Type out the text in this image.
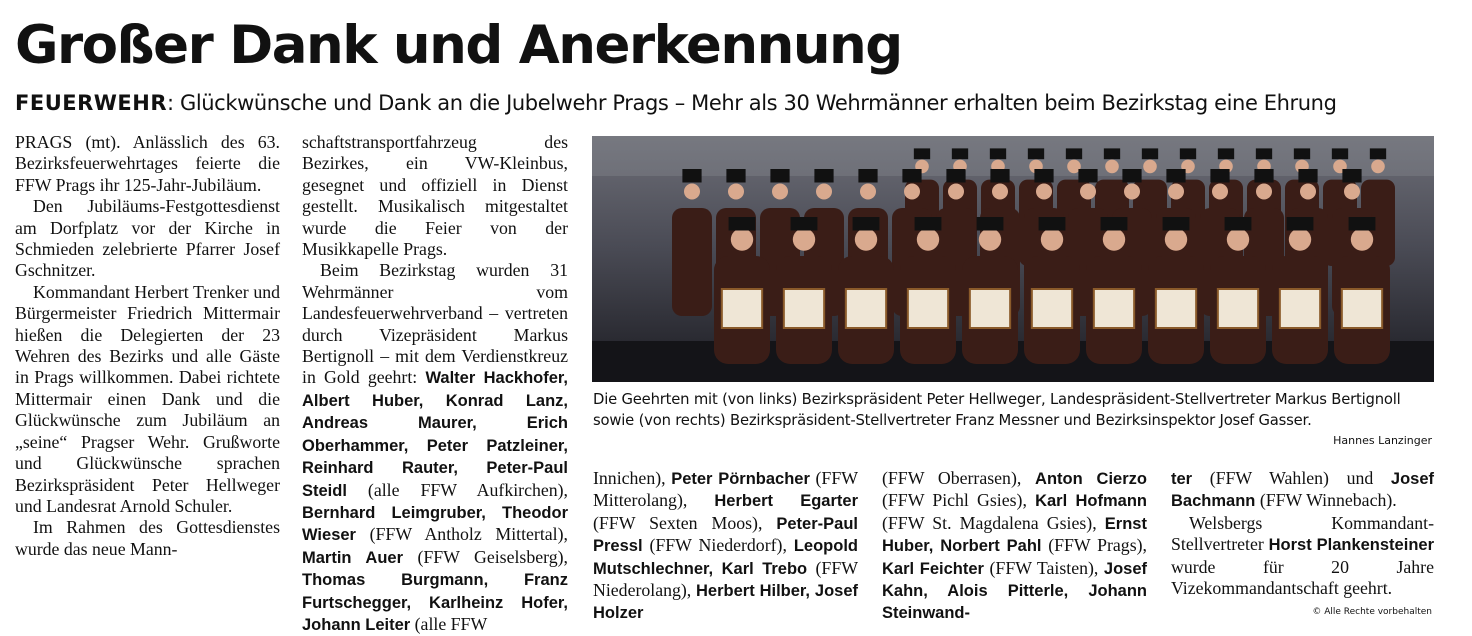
Großer Dank und Anerkennung
FEUERWEHR: Glückwünsche und Dank an die Jubelwehr Prags – Mehr als 30 Wehrmänner erhalten beim Bezirkstag eine Ehrung

PRAGS (mt). Anlässlich des 63. Bezirksfeuerwehrtages feierte die FFW Prags ihr 125-Jahr-Jubiläum.

Den Jubiläums-Festgottesdienst am Dorfplatz vor der Kirche in Schmieden zelebrierte Pfarrer Josef Gschnitzer.

Kommandant Herbert Trenker und Bürgermeister Friedrich Mittermair hießen die Delegierten der 23 Wehren des Bezirks und alle Gäste in Prags willkommen. Dabei richtete Mittermair einen Dank und die Glückwünsche zum Jubiläum an „seine“ Pragser Wehr. Grußworte und Glückwünsche sprachen Bezirkspräsident Peter Hellweger und Landesrat Arnold Schuler.

Im Rahmen des Gottesdienstes wurde das neue Mann-

schaftstransportfahrzeug des Bezirkes, ein VW-Kleinbus, gesegnet und offiziell in Dienst gestellt. Musikalisch mitgestaltet wurde die Feier von der Musikkapelle Prags.

Beim Bezirkstag wurden 31 Wehrmänner vom Landesfeuerwehrverband – vertreten durch Vizepräsident Markus Bertignoll – mit dem Verdienstkreuz in Gold geehrt: Walter Hackhofer, Albert Huber, Konrad Lanz, Andreas Maurer, Erich Oberhammer, Peter Patzleiner, Reinhard Rauter, Peter-Paul Steidl (alle FFW Aufkirchen), Bernhard Leimgruber, Theodor Wieser (FFW Antholz Mittertal), Martin Auer (FFW Geiselsberg), Thomas Burgmann, Franz Furtschegger, Karlheinz Hofer, Johann Leiter (alle FFW

Die Geehrten mit (von links) Bezirkspräsident Peter Hellweger, Landespräsident-Stellvertreter Markus Bertignoll sowie (von rechts) Bezirkspräsident-Stellvertreter Franz Messner und Bezirksinspektor Josef Gasser.
Hannes Lanzinger

Innichen), Peter Pörnbacher (FFW Mitterolang), Herbert Egarter (FFW Sexten Moos), Peter-Paul Pressl (FFW Niederdorf), Leopold Mutschlechner, Karl Trebo (FFW Niederolang), Herbert Hilber, Josef Holzer

(FFW Oberrasen), Anton Cierzo (FFW Pichl Gsies), Karl Hofmann (FFW St. Magdalena Gsies), Ernst Huber, Norbert Pahl (FFW Prags), Karl Feichter (FFW Taisten), Josef Kahn, Alois Pitterle, Johann Steinwand-

ter (FFW Wahlen) und Josef Bachmann (FFW Winnebach).

Welsbergs Kommandant-Stellvertreter Horst Plankensteiner wurde für 20 Jahre Vizekommandantschaft geehrt.

© Alle Rechte vorbehalten
